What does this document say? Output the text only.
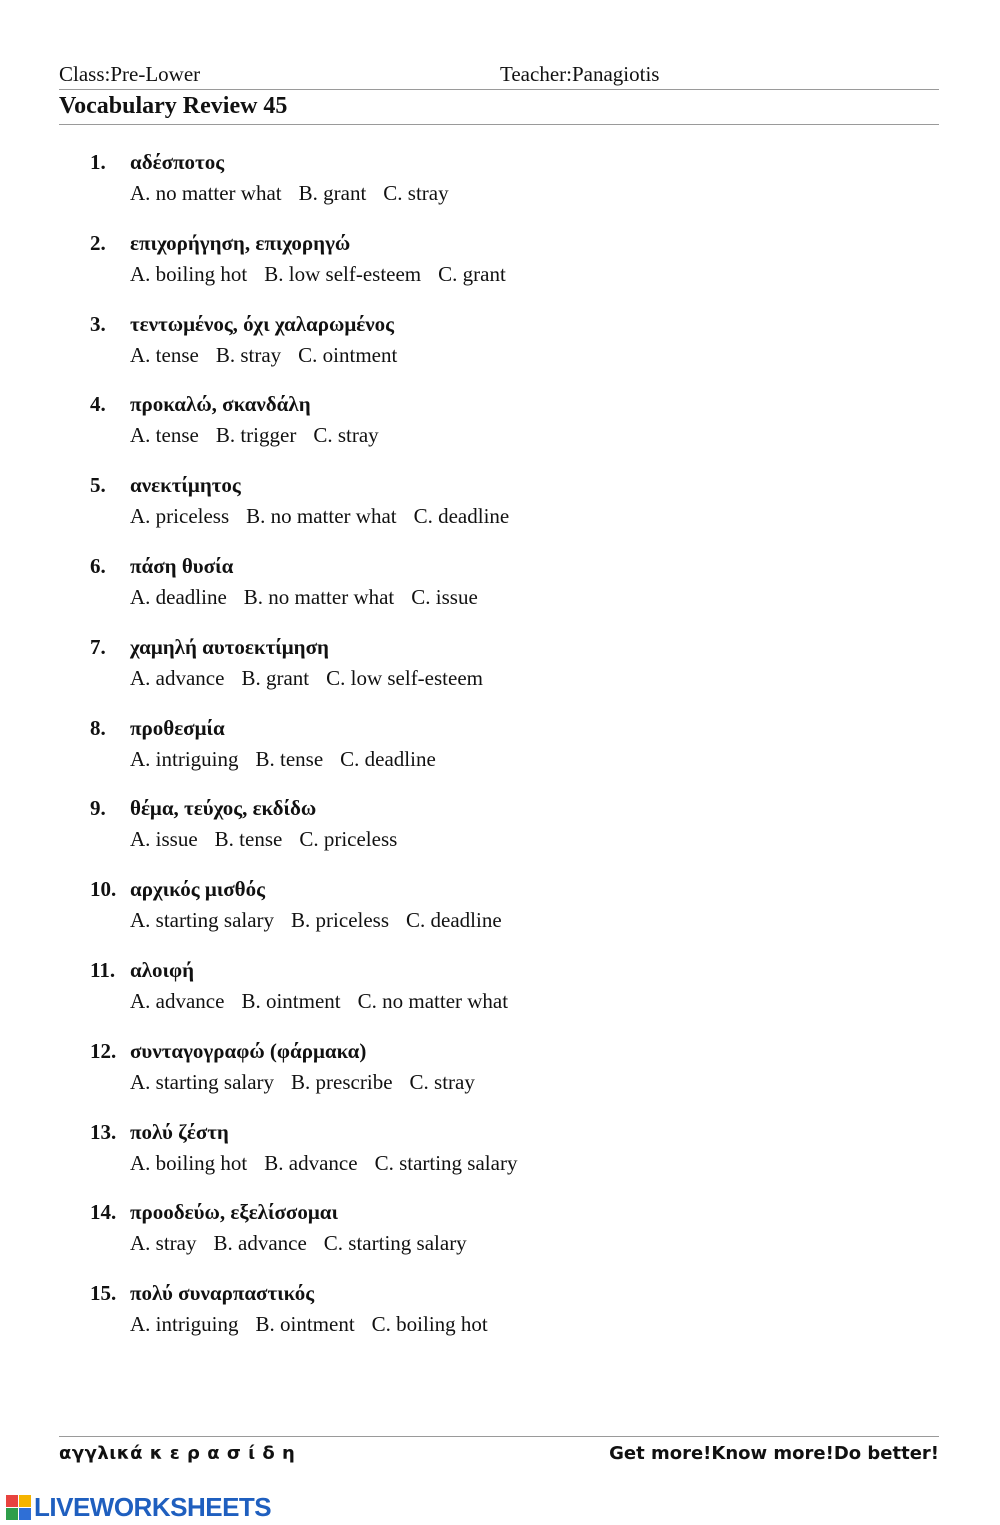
Class:Pre-Lower	Teacher:Panagiotis
Vocabulary Review 45
1. αδέσποτος
A. no matter what B. grant C. stray
2. επιχορήγηση, επιχορηγώ
A. boiling hot B. low self-esteem C. grant
3. τεντωμένος, όχι χαλαρωμένος
A. tense B. stray C. ointment
4. προκαλώ, σκανδάλη
A. tense B. trigger C. stray
5. ανεκτίμητος
A. priceless B. no matter what C. deadline
6. πάση θυσία
A. deadline B. no matter what C. issue
7. χαμηλή αυτοεκτίμηση
A. advance B. grant C. low self-esteem
8. προθεσμία
A. intriguing B. tense C. deadline
9. θέμα, τεύχος, εκδίδω
A. issue B. tense C. priceless
10. αρχικός μισθός
A. starting salary B. priceless C. deadline
11. αλοιφή
A. advance B. ointment C. no matter what
12. συνταγογραφώ (φάρμακα)
A. starting salary B. prescribe C. stray
13. πολύ ζέστη
A. boiling hot B. advance C. starting salary
14. προοδεύω, εξελίσσομαι
A. stray B. advance C. starting salary
15. πολύ συναρπαστικός
A. intriguing B. ointment C. boiling hot
αγγλικά κ ε ρ α σ ί δ η	Get more!Know more!Do better!
LIVEWORKSHEETS
